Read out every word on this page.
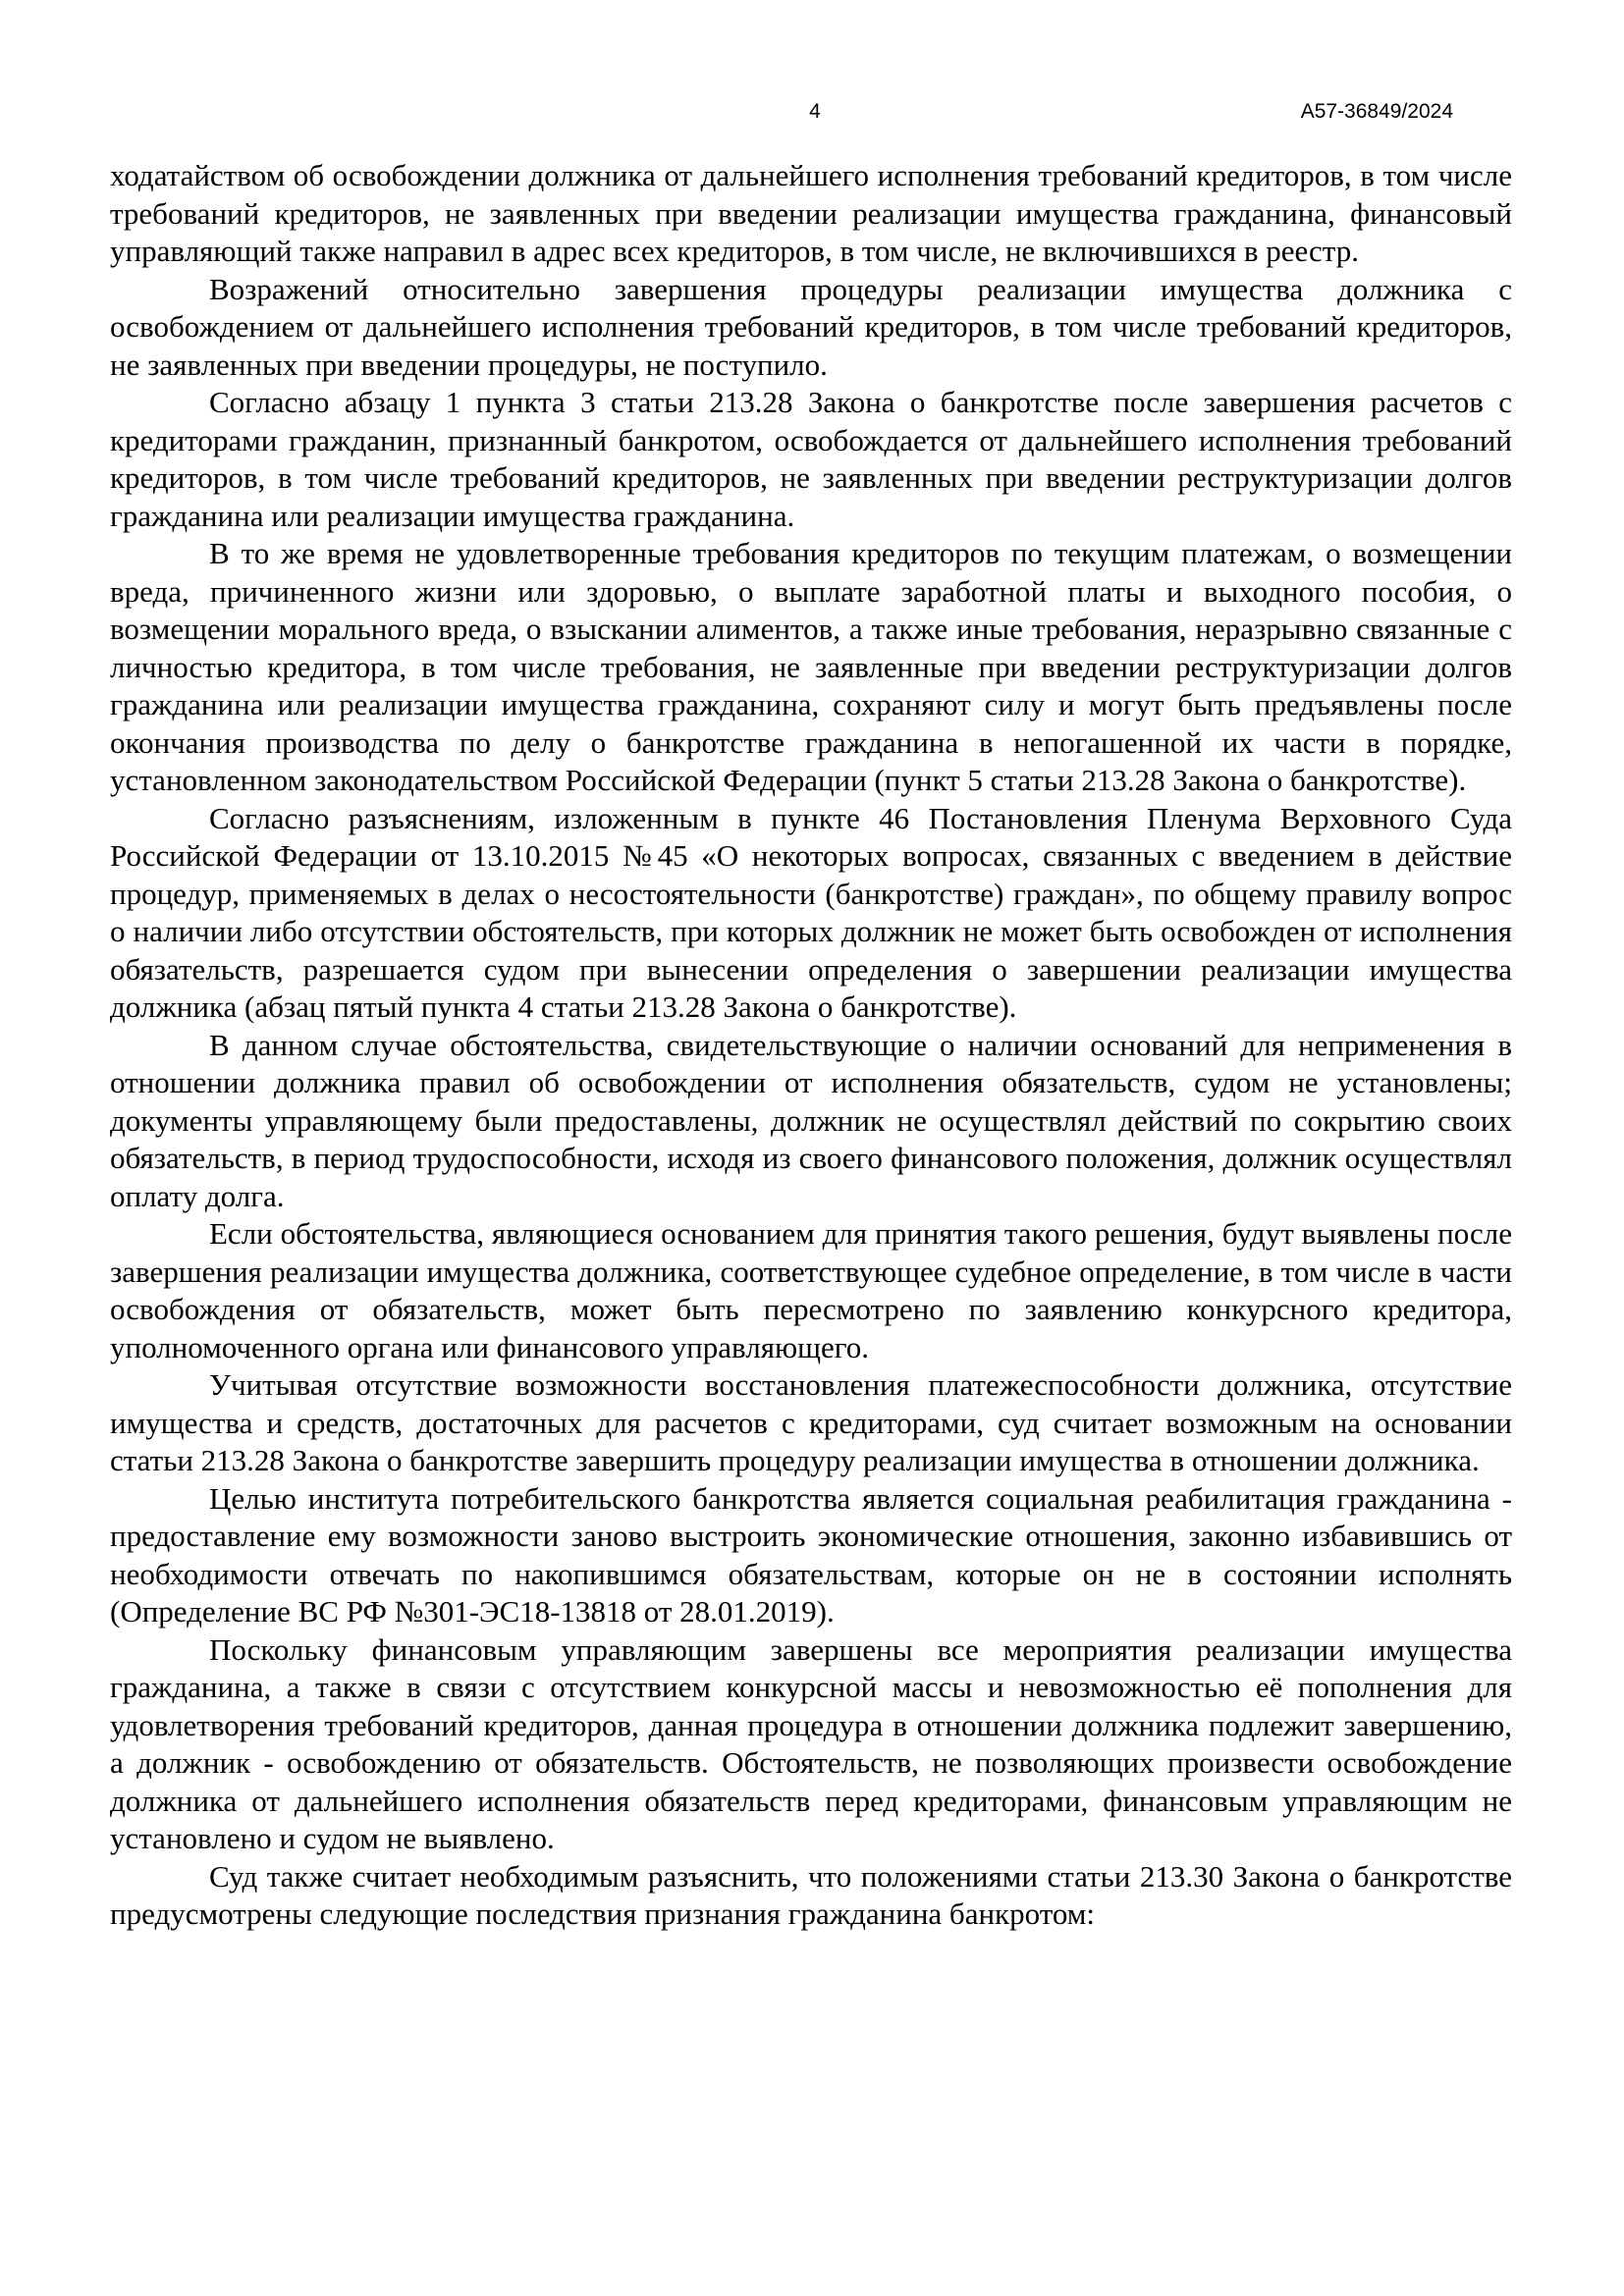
4	А57-36849/2024

ходатайством об освобождении должника от дальнейшего исполнения требований кредиторов, в том числе требований кредиторов, не заявленных при введении реализации имущества гражданина, финансовый управляющий также направил в адрес всех кредиторов, в том числе, не включившихся в реестр.

Возражений относительно завершения процедуры реализации имущества должника с освобождением от дальнейшего исполнения требований кредиторов, в том числе требований кредиторов, не заявленных при введении процедуры, не поступило.

Согласно абзацу 1 пункта 3 статьи 213.28 Закона о банкротстве после завершения расчетов с кредиторами гражданин, признанный банкротом, освобождается от дальнейшего исполнения требований кредиторов, в том числе требований кредиторов, не заявленных при введении реструктуризации долгов гражданина или реализации имущества гражданина.

В то же время не удовлетворенные требования кредиторов по текущим платежам, о возмещении вреда, причиненного жизни или здоровью, о выплате заработной платы и выходного пособия, о возмещении морального вреда, о взыскании алиментов, а также иные требования, неразрывно связанные с личностью кредитора, в том числе требования, не заявленные при введении реструктуризации долгов гражданина или реализации имущества гражданина, сохраняют силу и могут быть предъявлены после окончания производства по делу о банкротстве гражданина в непогашенной их части в порядке, установленном законодательством Российской Федерации (пункт 5 статьи 213.28 Закона о банкротстве).

Согласно разъяснениям, изложенным в пункте 46 Постановления Пленума Верховного Суда Российской Федерации от 13.10.2015 №45 «О некоторых вопросах, связанных с введением в действие процедур, применяемых в делах о несостоятельности (банкротстве) граждан», по общему правилу вопрос о наличии либо отсутствии обстоятельств, при которых должник не может быть освобожден от исполнения обязательств, разрешается судом при вынесении определения о завершении реализации имущества должника (абзац пятый пункта 4 статьи 213.28 Закона о банкротстве).

В данном случае обстоятельства, свидетельствующие о наличии оснований для неприменения в отношении должника правил об освобождении от исполнения обязательств, судом не установлены; документы управляющему были предоставлены, должник не осуществлял действий по сокрытию своих обязательств, в период трудоспособности, исходя из своего финансового положения, должник осуществлял оплату долга.

Если обстоятельства, являющиеся основанием для принятия такого решения, будут выявлены после завершения реализации имущества должника, соответствующее судебное определение, в том числе в части освобождения от обязательств, может быть пересмотрено по заявлению конкурсного кредитора, уполномоченного органа или финансового управляющего.

Учитывая отсутствие возможности восстановления платежеспособности должника, отсутствие имущества и средств, достаточных для расчетов с кредиторами, суд считает возможным на основании статьи 213.28 Закона о банкротстве завершить процедуру реализации имущества в отношении должника.

Целью института потребительского банкротства является социальная реабилитация гражданина - предоставление ему возможности заново выстроить экономические отношения, законно избавившись от необходимости отвечать по накопившимся обязательствам, которые он не в состоянии исполнять (Определение ВС РФ №301-ЭС18-13818 от 28.01.2019).

Поскольку финансовым управляющим завершены все мероприятия реализации имущества гражданина, а также в связи с отсутствием конкурсной массы и невозможностью её пополнения для удовлетворения требований кредиторов, данная процедура в отношении должника подлежит завершению, а должник - освобождению от обязательств. Обстоятельств, не позволяющих произвести освобождение должника от дальнейшего исполнения обязательств перед кредиторами, финансовым управляющим не установлено и судом не выявлено.

Суд также считает необходимым разъяснить, что положениями статьи 213.30 Закона о банкротстве предусмотрены следующие последствия признания гражданина банкротом:
